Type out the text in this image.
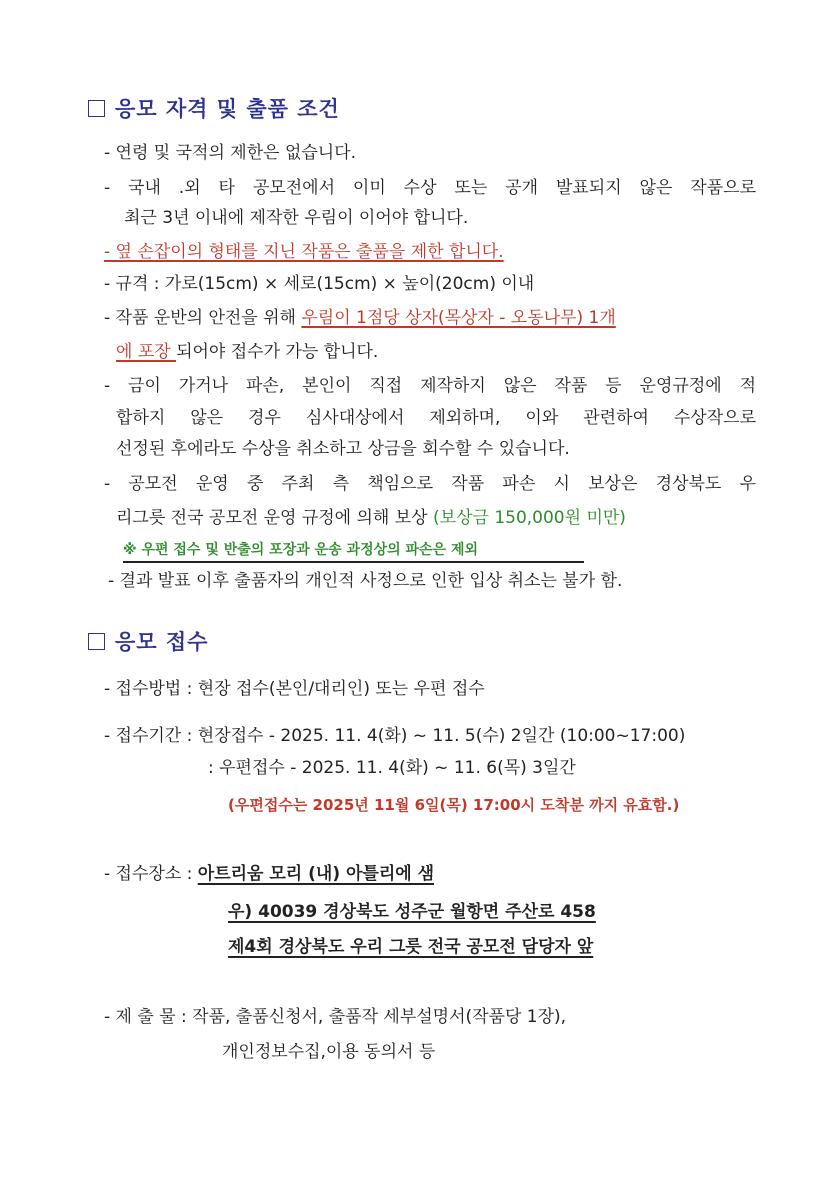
응모 자격 및 출품 조건
- 연령 및 국적의 제한은 없습니다.
- 국내 .외 타 공모전에서 이미 수상 또는 공개 발표되지 않은 작품으로
최근 3년 이내에 제작한 우림이 이어야 합니다.
- 옆 손잡이의 형태를 지닌 작품은 출품을 제한 합니다.
- 규격 : 가로(15cm) × 세로(15cm) × 높이(20cm) 이내
- 작품 운반의 안전을 위해 우림이 1점당 상자(목상자 - 오동나무) 1개
에 포장 되어야 접수가 가능 합니다.
- 금이 가거나 파손, 본인이 직접 제작하지 않은 작품 등 운영규정에 적
합하지 않은 경우 심사대상에서 제외하며, 이와 관련하여 수상작으로
선정된 후에라도 수상을 취소하고 상금을 회수할 수 있습니다.
- 공모전 운영 중 주최 측 책임으로 작품 파손 시 보상은 경상북도 우
리그릇 전국 공모전 운영 규정에 의해 보상 (보상금 150,000원 미만)
※ 우편 접수 및 반출의 포장과 운송 과정상의 파손은 제외
- 결과 발표 이후 출품자의 개인적 사정으로 인한 입상 취소는 불가 함.
응모 접수
- 접수방법 : 현장 접수(본인/대리인) 또는 우편 접수
- 접수기간 : 현장접수 - 2025. 11. 4(화) ~ 11. 5(수) 2일간 (10:00~17:00)
: 우편접수 - 2025. 11. 4(화) ~ 11. 6(목) 3일간
(우편접수는 2025년 11월 6일(목) 17:00시 도착분 까지 유효함.)
- 접수장소 : 아트리움 모리 (내) 아틀리에 샘
우) 40039 경상북도 성주군 월항면 주산로 458
제4회 경상북도 우리 그릇 전국 공모전 담당자 앞
- 제 출 물 : 작품, 출품신청서, 출품작 세부설명서(작품당 1장),
개인정보수집,이용 동의서 등
